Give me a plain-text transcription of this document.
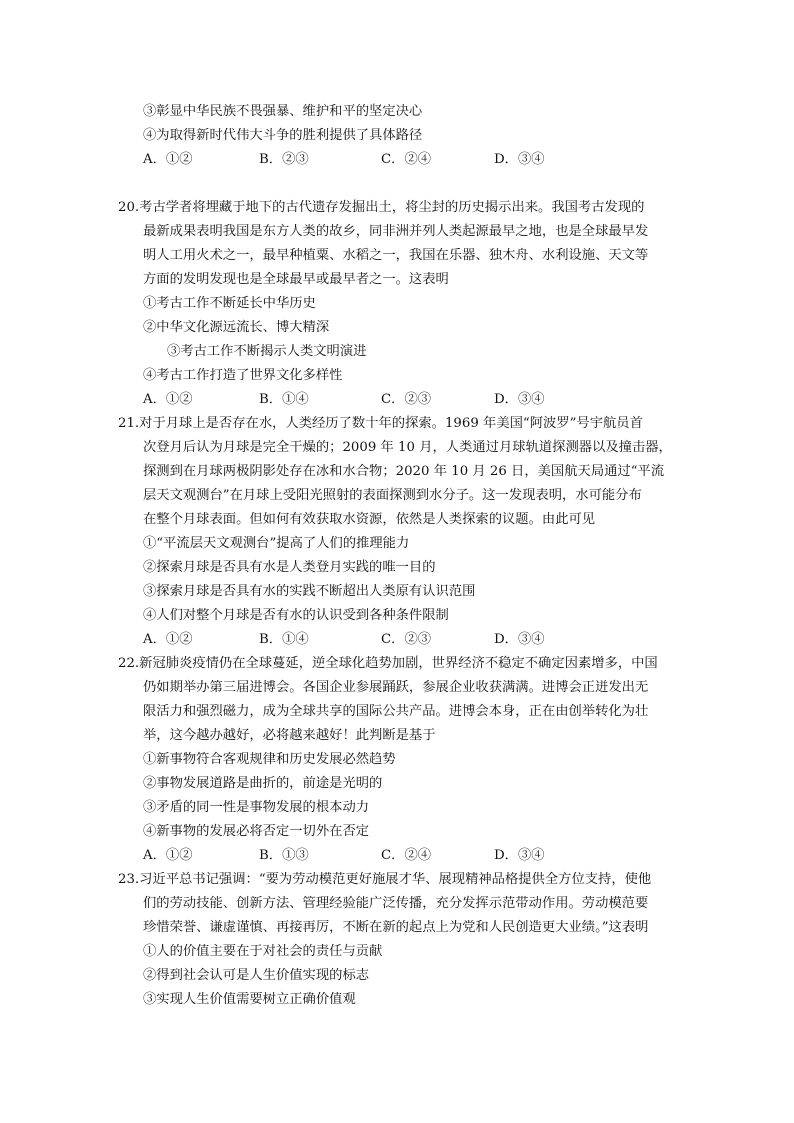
③彰显中华民族不畏强暴、维护和平的坚定决心
④为取得新时代伟大斗争的胜利提供了具体路径
A．①②	B．②③	C．②④	D．③④
20.考古学者将埋藏于地下的古代遗存发掘出土，将尘封的历史揭示出来。我国考古发现的
最新成果表明我国是东方人类的故乡，同非洲并列人类起源最早之地，也是全球最早发
明人工用火术之一，最早种植粟、水稻之一，我国在乐器、独木舟、水利设施、天文等
方面的发明发现也是全球最早或最早者之一。这表明
①考古工作不断延长中华历史
②中华文化源远流长、博大精深
③考古工作不断揭示人类文明演进
④考古工作打造了世界文化多样性
A．①②	B．①④	C．②③	D．③④
21.对于月球上是否存在水，人类经历了数十年的探索。1969 年美国“阿波罗”号宇航员首
次登月后认为月球是完全干燥的；2009 年 10 月，人类通过月球轨道探测器以及撞击器，
探测到在月球两极阴影处存在冰和水合物；2020 年 10 月 26 日，美国航天局通过“平流
层天文观测台”在月球上受阳光照射的表面探测到水分子。这一发现表明，水可能分布
在整个月球表面。但如何有效获取水资源，依然是人类探索的议题。由此可见
①“平流层天文观测台”提高了人们的推理能力
②探索月球是否具有水是人类登月实践的唯一目的
③探索月球是否具有水的实践不断超出人类原有认识范围
④人们对整个月球是否有水的认识受到各种条件限制
A．①②	B．①④	C．②③	D．③④
22.新冠肺炎疫情仍在全球蔓延，逆全球化趋势加剧，世界经济不稳定不确定因素增多，中国
仍如期举办第三届进博会。各国企业参展踊跃，参展企业收获满满。进博会正迸发出无
限活力和强烈磁力，成为全球共享的国际公共产品。进博会本身，正在由创举转化为壮
举，这今越办越好，必将越来越好！此判断是基于
①新事物符合客观规律和历史发展必然趋势
②事物发展道路是曲折的，前途是光明的
③矛盾的同一性是事物发展的根本动力
④新事物的发展必将否定一切外在否定
A．①②	B．①③	C．②④	D．③④
23.习近平总书记强调：“要为劳动模范更好施展才华、展现精神品格提供全方位支持，使他
们的劳动技能、创新方法、管理经验能广泛传播，充分发挥示范带动作用。劳动模范要
珍惜荣誉、谦虚谨慎、再接再厉，不断在新的起点上为党和人民创造更大业绩。”这表明
①人的价值主要在于对社会的责任与贡献
②得到社会认可是人生价值实现的标志
③实现人生价值需要树立正确价值观
